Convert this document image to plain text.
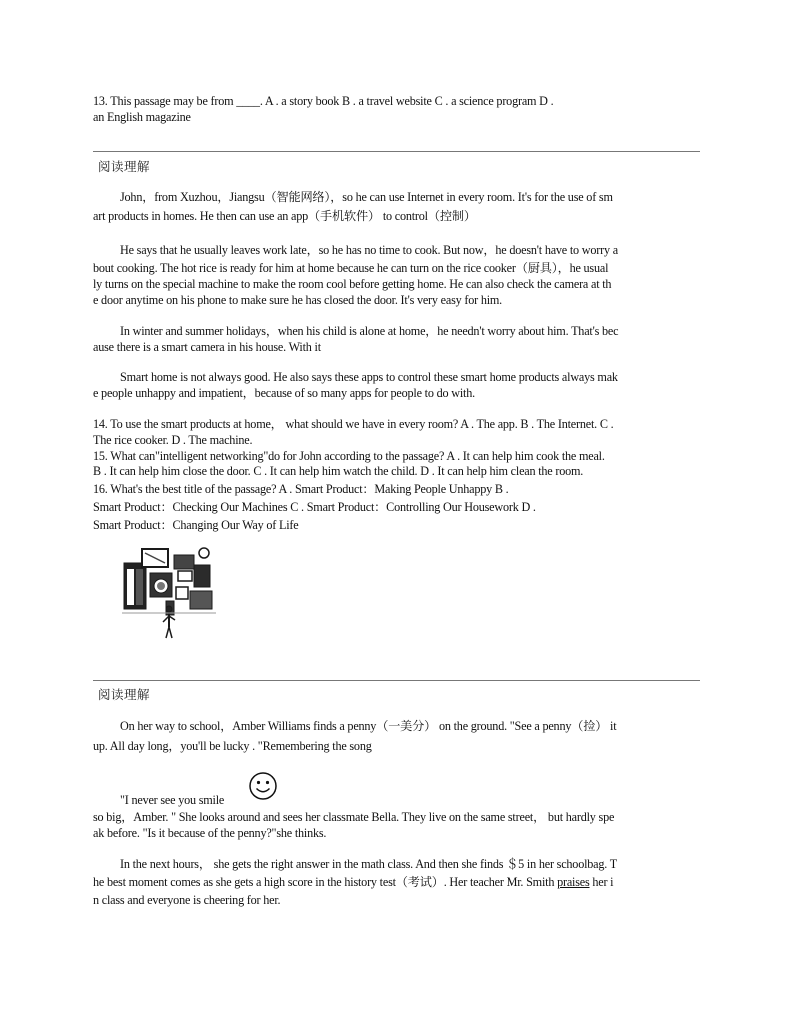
13. This passage may be from ____. A . a story book B . a travel website C . a science program D .
an English magazine
阅读理解
John，from Xuzhou，Jiangsu（智能网络），so he can use Internet in every room. It's for the use of sm
art products in homes. He then can use an app（手机软件） to control（控制）
He says that he usually leaves work late，so he has no time to cook. But now，he doesn't have to worry a
bout cooking. The hot rice is ready for him at home because he can turn on the rice cooker（厨具），he usual
ly turns on the special machine to make the room cool before getting home. He can also check the camera at th
e door anytime on his phone to make sure he has closed the door. It's very easy for him.
In winter and summer holidays，when his child is alone at home，he needn't worry about him. That's bec
ause there is a smart camera in his house. With it
Smart home is not always good. He also says these apps to control these smart home products always mak
e people unhappy and impatient，because of so many apps for people to do with.
14. To use the smart products at home， what should we have in every room? A . The app. B . The Internet. C .
The rice cooker. D . The machine.
15. What can"intelligent networking"do for John according to the passage? A . It can help him cook the meal.
B . It can help him close the door. C . It can help him watch the child. D . It can help him clean the room.
16. What's the best title of the passage? A . Smart Product：Making People Unhappy B .
Smart Product：Checking Our Machines C . Smart Product：Controlling Our Housework D .
Smart Product：Changing Our Way of Life
阅读理解
On her way to school，Amber Williams finds a penny（一美分） on the ground. "See a penny（捡） it
up. All day long，you'll be lucky . "Remembering the song
"I never see you smile
so big，Amber. " She looks around and sees her classmate Bella. They live on the same street， but hardly spe
ak before. "Is it because of the penny?"she thinks.
In the next hours， she gets the right answer in the math class. And then she finds ＄5 in her schoolbag. T
he best moment comes as she gets a high score in the history test（考试）. Her teacher Mr. Smith praises her i
n class and everyone is cheering for her.
